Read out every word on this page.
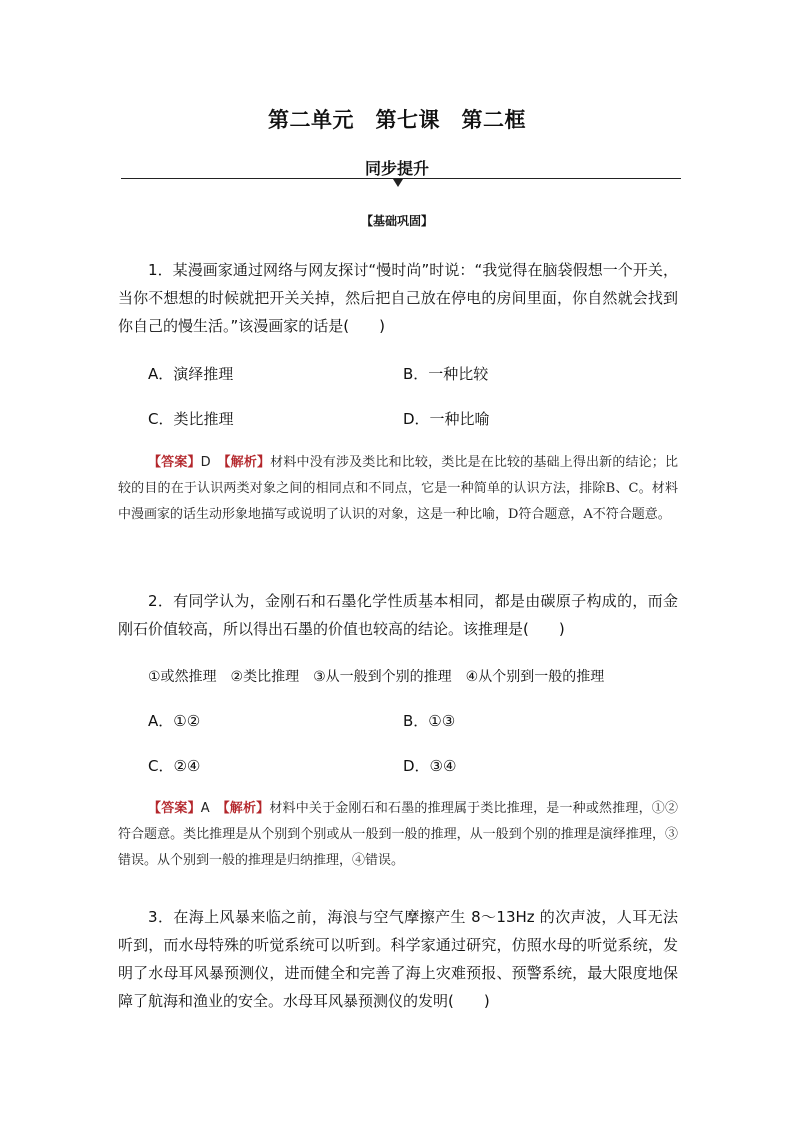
第二单元　第七课　第二框
同步提升
【基础巩固】

1．某漫画家通过网络与网友探讨“慢时尚”时说：“我觉得在脑袋假想一个开关，当你不想想的时候就把开关关掉，然后把自己放在停电的房间里面，你自然就会找到你自己的慢生活。”该漫画家的话是(　　)

A．演绎推理	B．一种比较
C．类比推理	D．一种比喻

【答案】D　 【解析】材料中没有涉及类比和比较，类比是在比较的基础上得出新的结论；比较的目的在于认识两类对象之间的相同点和不同点，它是一种简单的认识方法，排除B、C。材料中漫画家的话生动形象地描写或说明了认识的对象，这是一种比喻，D符合题意，A不符合题意。

2．有同学认为，金刚石和石墨化学性质基本相同，都是由碳原子构成的，而金刚石价值较高，所以得出石墨的价值也较高的结论。该推理是(　　)

①或然推理　②类比推理　③从一般到个别的推理　④从个别到一般的推理
A．①②	B．①③
C．②④	D．③④

【答案】A　 【解析】材料中关于金刚石和石墨的推理属于类比推理，是一种或然推理，①②符合题意。类比推理是从个别到个别或从一般到一般的推理，从一般到个别的推理是演绎推理，③错误。从个别到一般的推理是归纳推理，④错误。

3．在海上风暴来临之前，海浪与空气摩擦产生 8～13Hz 的次声波，人耳无法听到，而水母特殊的听觉系统可以听到。科学家通过研究，仿照水母的听觉系统，发明了水母耳风暴预测仪，进而健全和完善了海上灾难预报、预警系统，最大限度地保障了航海和渔业的安全。水母耳风暴预测仪的发明(　　)
